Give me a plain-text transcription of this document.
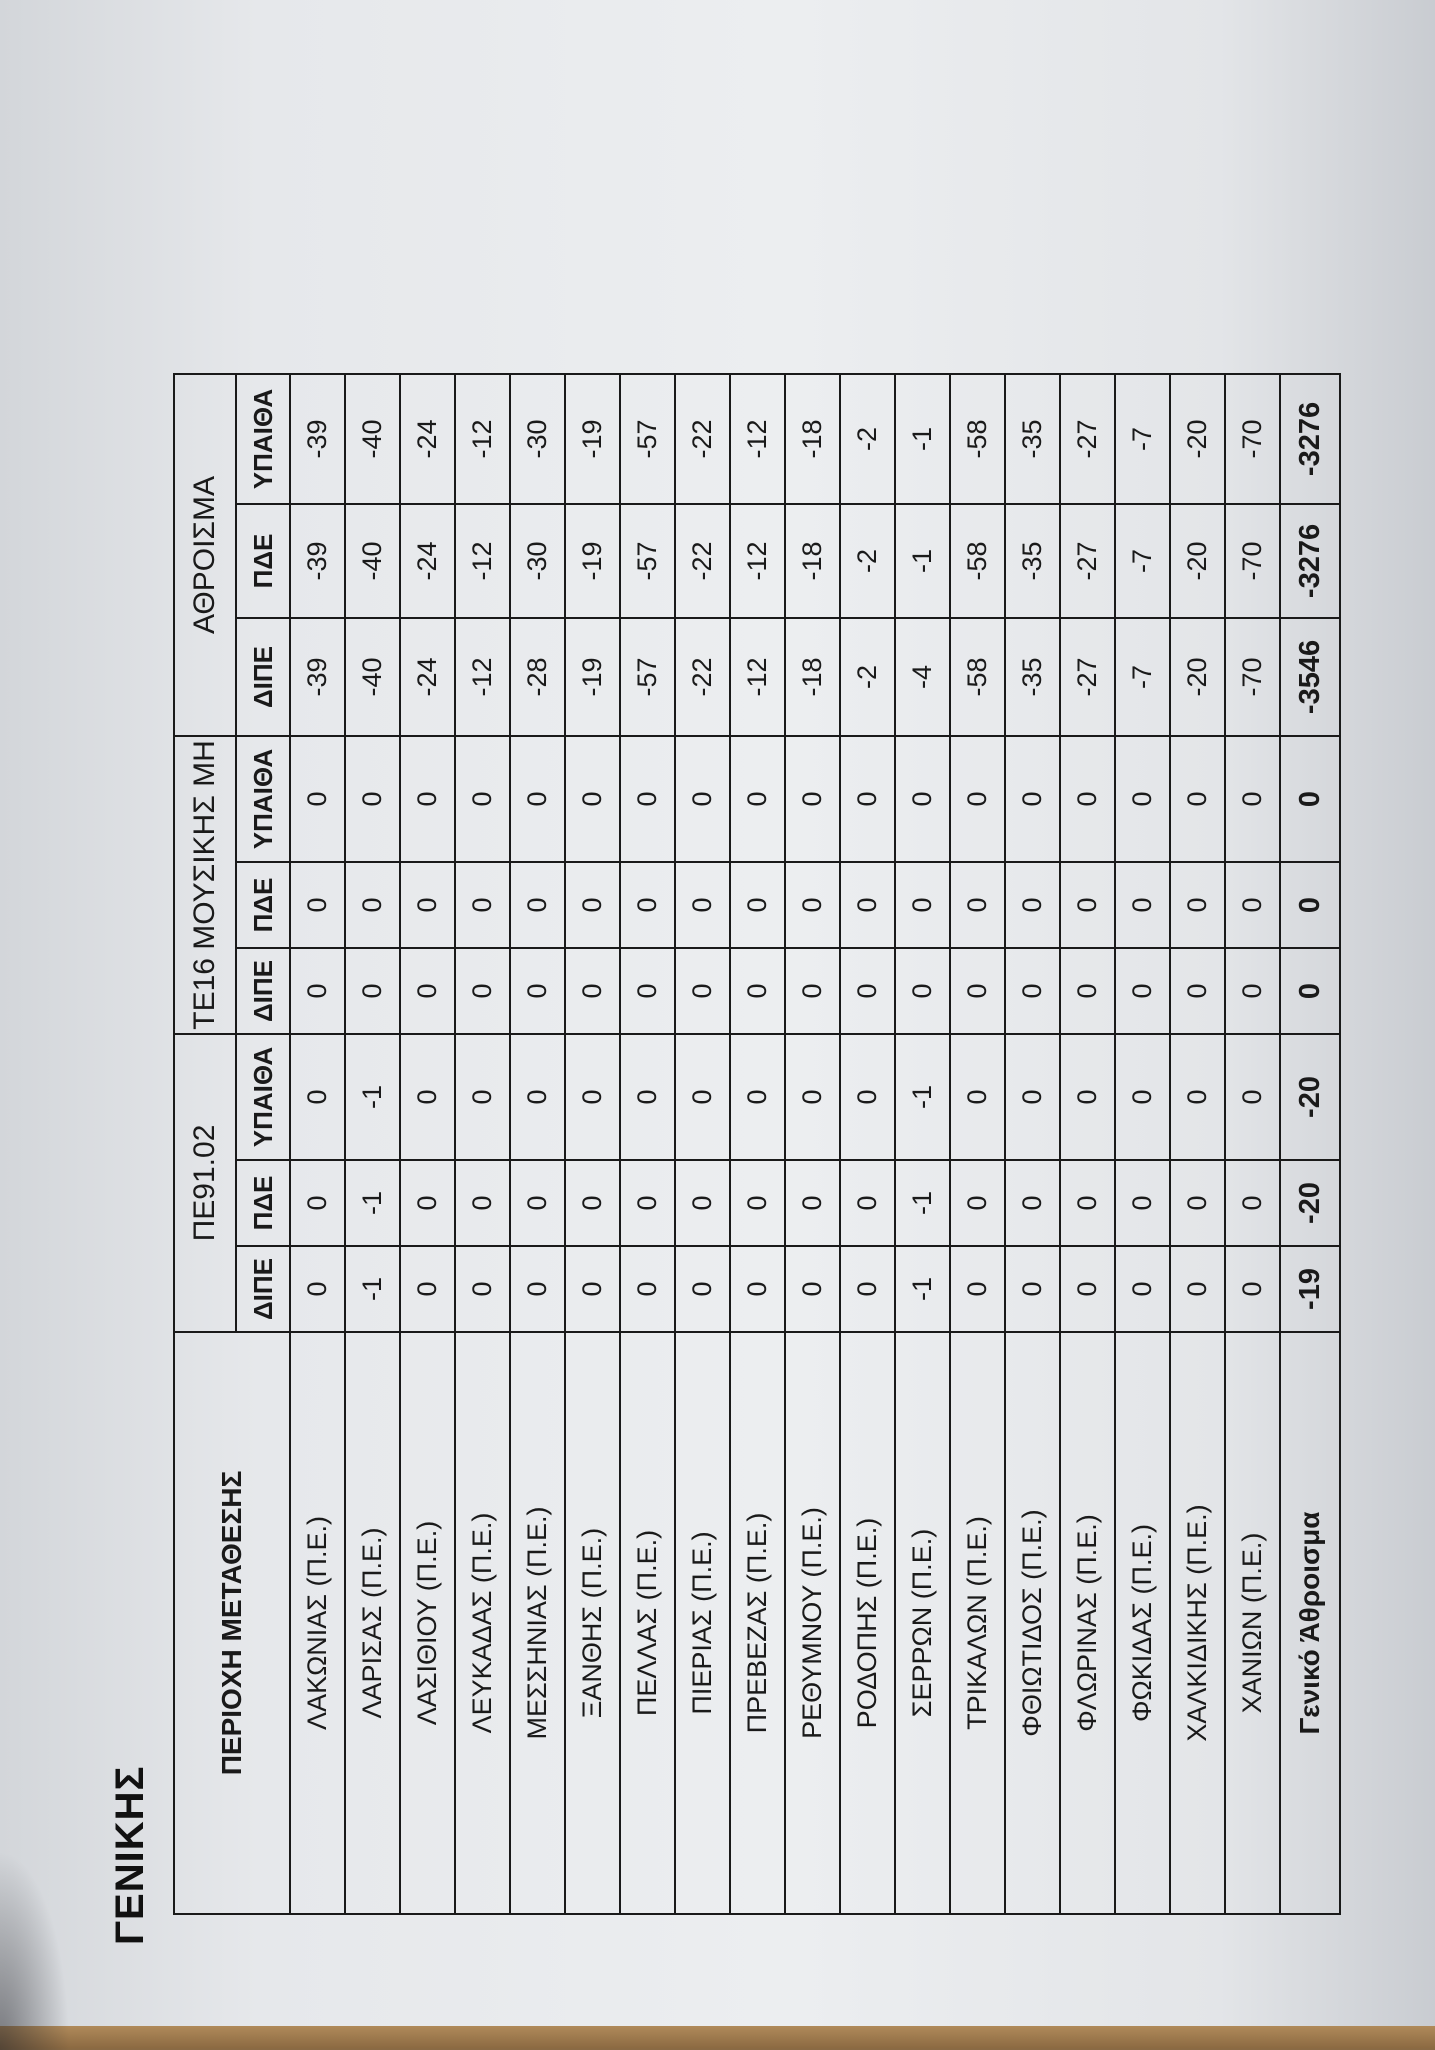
ΓΕΝΙΚΗΣ
ΠΕΡΙΟΧΗ ΜΕΤΑΘΕΣΗΣ	ΠΕ91.02			ΤΕ16 ΜΟΥΣΙΚΗΣ ΜΗ			ΑΘΡΟΙΣΜΑ		
	ΔΙΠΕ	ΠΔΕ	ΥΠΑΙΘΑ	ΔΙΠΕ	ΠΔΕ	ΥΠΑΙΘΑ	ΔΙΠΕ	ΠΔΕ	ΥΠΑΙΘΑ
ΛΑΚΩΝΙΑΣ (Π.Ε.)	0	0	0	0	0	0	-39	-39	-39
ΛΑΡΙΣΑΣ (Π.Ε.)	-1	-1	-1	0	0	0	-40	-40	-40
ΛΑΣΙΘΙΟΥ (Π.Ε.)	0	0	0	0	0	0	-24	-24	-24
ΛΕΥΚΑΔΑΣ (Π.Ε.)	0	0	0	0	0	0	-12	-12	-12
ΜΕΣΣΗΝΙΑΣ (Π.Ε.)	0	0	0	0	0	0	-28	-30	-30
ΞΑΝΘΗΣ (Π.Ε.)	0	0	0	0	0	0	-19	-19	-19
ΠΕΛΛΑΣ (Π.Ε.)	0	0	0	0	0	0	-57	-57	-57
ΠΙΕΡΙΑΣ (Π.Ε.)	0	0	0	0	0	0	-22	-22	-22
ΠΡΕΒΕΖΑΣ (Π.Ε.)	0	0	0	0	0	0	-12	-12	-12
ΡΕΘΥΜΝΟΥ (Π.Ε.)	0	0	0	0	0	0	-18	-18	-18
ΡΟΔΟΠΗΣ (Π.Ε.)	0	0	0	0	0	0	-2	-2	-2
ΣΕΡΡΩΝ (Π.Ε.)	-1	-1	-1	0	0	0	-4	-1	-1
ΤΡΙΚΑΛΩΝ (Π.Ε.)	0	0	0	0	0	0	-58	-58	-58
ΦΘΙΩΤΙΔΟΣ (Π.Ε.)	0	0	0	0	0	0	-35	-35	-35
ΦΛΩΡΙΝΑΣ (Π.Ε.)	0	0	0	0	0	0	-27	-27	-27
ΦΩΚΙΔΑΣ (Π.Ε.)	0	0	0	0	0	0	-7	-7	-7
ΧΑΛΚΙΔΙΚΗΣ (Π.Ε.)	0	0	0	0	0	0	-20	-20	-20
ΧΑΝΙΩΝ (Π.Ε.)	0	0	0	0	0	0	-70	-70	-70
Γενικό Άθροισμα	-19	-20	-20	0	0	0	-3546	-3276	-3276
